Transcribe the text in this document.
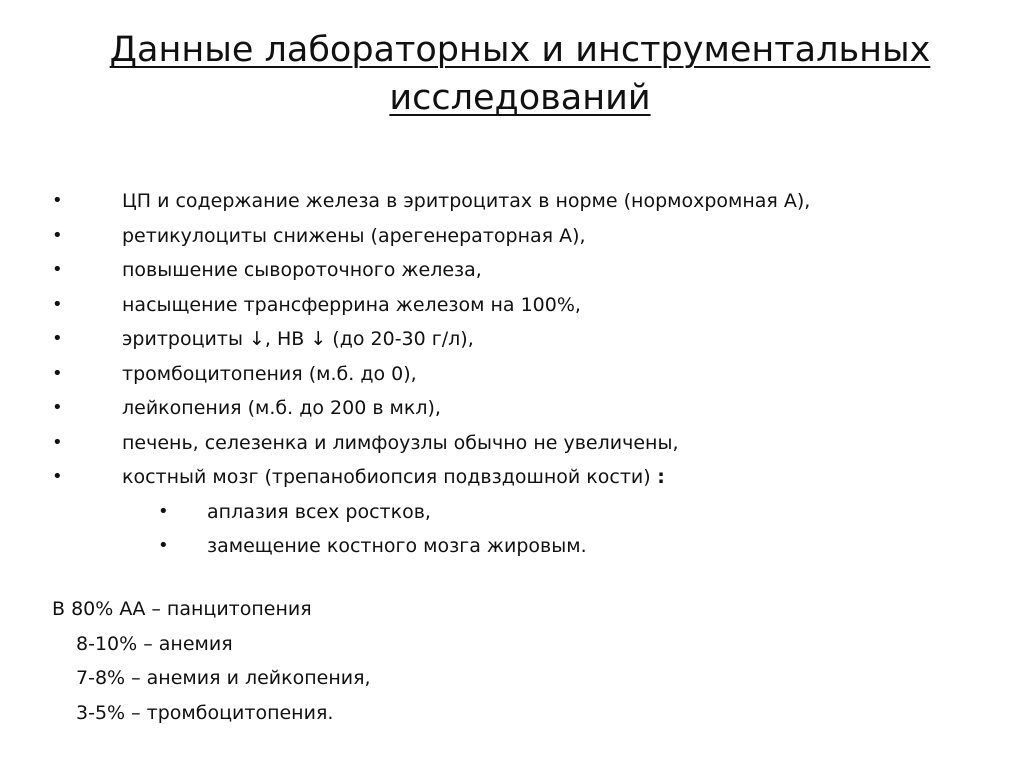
Данные лабораторных и инструментальных
исследований
•	ЦП и содержание железа в эритроцитах в норме (нормохромная А),
•	ретикулоциты снижены (арегенераторная А),
•	повышение сывороточного железа,
•	насыщение трансферрина железом на 100%,
•	эритроциты ↓, НВ ↓ (до 20-30 г/л),
•	тромбоцитопения (м.б. до 0),
•	лейкопения (м.б. до 200 в мкл),
•	печень, селезенка и лимфоузлы обычно не увеличены,
•	костный мозг (трепанобиопсия подвздошной кости) :
• аплазия всех ростков,
• замещение костного мозга жировым.
В 80% АА – панцитопения
8-10% – анемия
7-8% – анемия и лейкопения,
3-5% – тромбоцитопения.
